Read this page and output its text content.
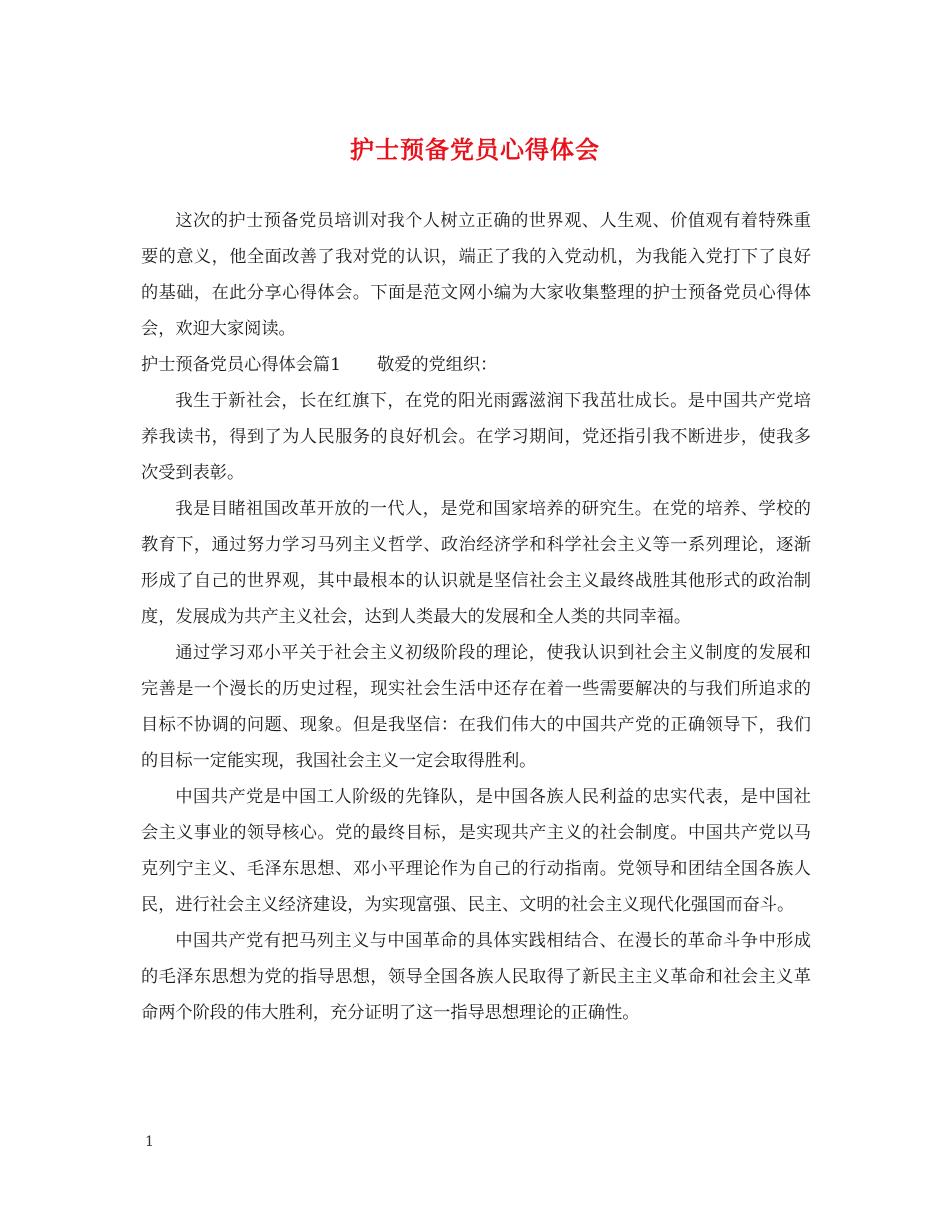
护士预备党员心得体会

这次的护士预备党员培训对我个人树立正确的世界观、人生观、价值观有着特殊重要的意义，他全面改善了我对党的认识，端正了我的入党动机，为我能入党打下了良好的基础，在此分享心得体会。下面是范文网小编为大家收集整理的护士预备党员心得体会，欢迎大家阅读。

护士预备党员心得体会篇1 敬爱的党组织：

我生于新社会，长在红旗下，在党的阳光雨露滋润下我茁壮成长。是中国共产党培养我读书，得到了为人民服务的良好机会。在学习期间，党还指引我不断进步，使我多次受到表彰。

我是目睹祖国改革开放的一代人，是党和国家培养的研究生。在党的培养、学校的教育下，通过努力学习马列主义哲学、政治经济学和科学社会主义等一系列理论，逐渐形成了自己的世界观，其中最根本的认识就是坚信社会主义最终战胜其他形式的政治制度，发展成为共产主义社会，达到人类最大的发展和全人类的共同幸福。

通过学习邓小平关于社会主义初级阶段的理论，使我认识到社会主义制度的发展和完善是一个漫长的历史过程，现实社会生活中还存在着一些需要解决的与我们所追求的目标不协调的问题、现象。但是我坚信：在我们伟大的中国共产党的正确领导下，我们的目标一定能实现，我国社会主义一定会取得胜利。

中国共产党是中国工人阶级的先锋队，是中国各族人民利益的忠实代表，是中国社会主义事业的领导核心。党的最终目标，是实现共产主义的社会制度。中国共产党以马克列宁主义、毛泽东思想、邓小平理论作为自己的行动指南。党领导和团结全国各族人民，进行社会主义经济建设，为实现富强、民主、文明的社会主义现代化强国而奋斗。

中国共产党有把马列主义与中国革命的具体实践相结合、在漫长的革命斗争中形成的毛泽东思想为党的指导思想，领导全国各族人民取得了新民主主义革命和社会主义革命两个阶段的伟大胜利，充分证明了这一指导思想理论的正确性。

1
